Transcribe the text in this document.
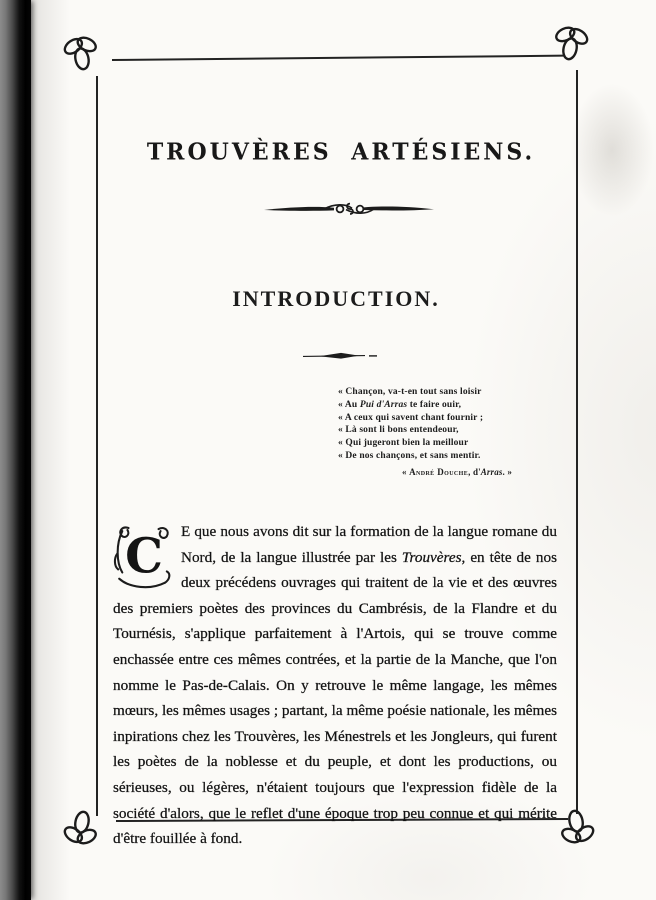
TROUVÈRES ARTÉSIENS.
INTRODUCTION.
« Chançon, va-t-en tout sans loisir
« Au Pui d'Arras te faire ouir,
« A ceux qui savent chant fournir ;
« Là sont li bons entendeour,
« Qui jugeront bien la meillour
« De nos chançons, et sans mentir.
« André Douche, d'Arras. »

C E que nous avons dit sur la formation de la langue romane du Nord, de la langue illustrée par les Trouvères, en tête de nos deux précédens ouvrages qui traitent de la vie et des œuvres des premiers poètes des provinces du Cambrésis, de la Flandre et du Tournésis, s'applique parfaitement à l'Artois, qui se trouve comme enchassée entre ces mêmes contrées, et la partie de la Manche, que l'on nomme le Pas-de-Calais. On y retrouve le même langage, les mêmes mœurs, les mêmes usages ; partant, la même poésie nationale, les mêmes inpirations chez les Trouvères, les Ménestrels et les Jongleurs, qui furent les poètes de la noblesse et du peuple, et dont les productions, ou sérieuses, ou légères, n'étaient toujours que l'expression fidèle de la société d'alors, que le reflet d'une époque trop peu connue et qui mérite d'être fouillée à fond.
